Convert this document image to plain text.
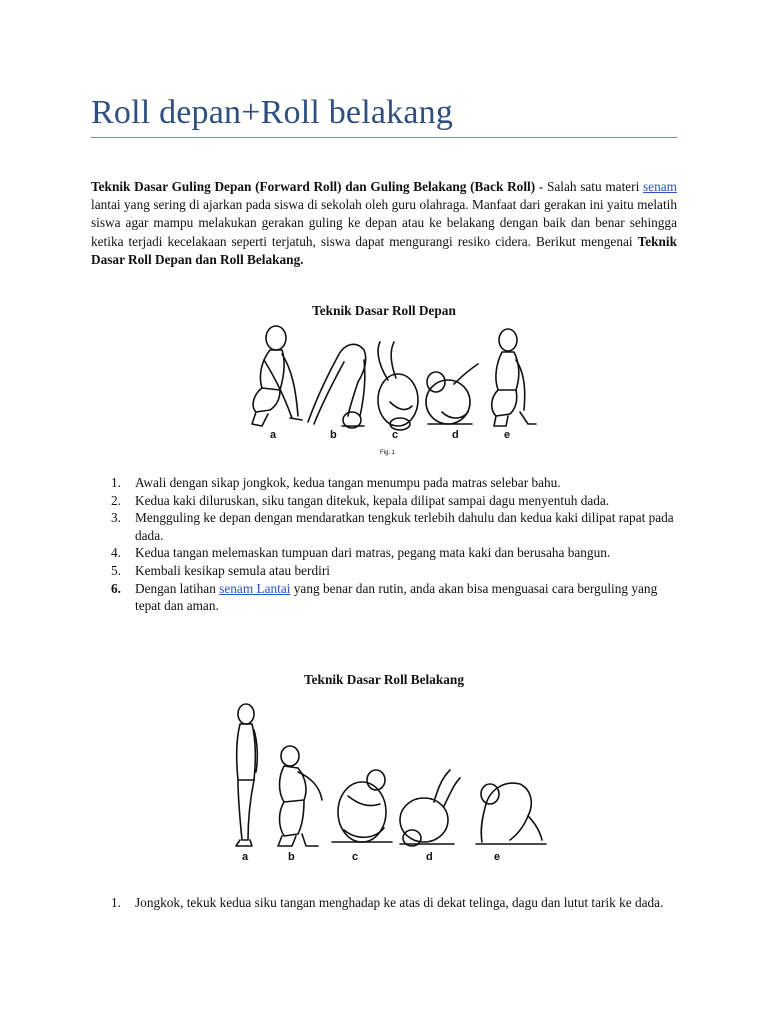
Roll depan+Roll belakang

Teknik Dasar Guling Depan (Forward Roll) dan Guling Belakang (Back Roll) - Salah satu materi senam lantai yang sering di ajarkan pada siswa di sekolah oleh guru olahraga. Manfaat dari gerakan ini yaitu melatih siswa agar mampu melakukan gerakan guling ke depan atau ke belakang dengan baik dan benar sehingga ketika terjadi kecelakaan seperti terjatuh, siswa dapat mengurangi resiko cidera. Berikut mengenai Teknik Dasar Roll Depan dan Roll Belakang.

Teknik Dasar Roll Depan
a	b	c	d	e
Fig. 1
1. Awali dengan sikap jongkok, kedua tangan menumpu pada matras selebar bahu.
2. Kedua kaki diluruskan, siku tangan ditekuk, kepala dilipat sampai dagu menyentuh dada.
3. Mengguling ke depan dengan mendaratkan tengkuk terlebih dahulu dan kedua kaki dilipat rapat pada dada.
4. Kedua tangan melemaskan tumpuan dari matras, pegang mata kaki dan berusaha bangun.
5. Kembali kesikap semula atau berdiri
6. Dengan latihan senam Lantai yang benar dan rutin, anda akan bisa menguasai cara berguling yang tepat dan aman.
Teknik Dasar Roll Belakang
a	b	c	d	e
1. Jongkok, tekuk kedua siku tangan menghadap ke atas di dekat telinga, dagu dan lutut tarik ke dada.
